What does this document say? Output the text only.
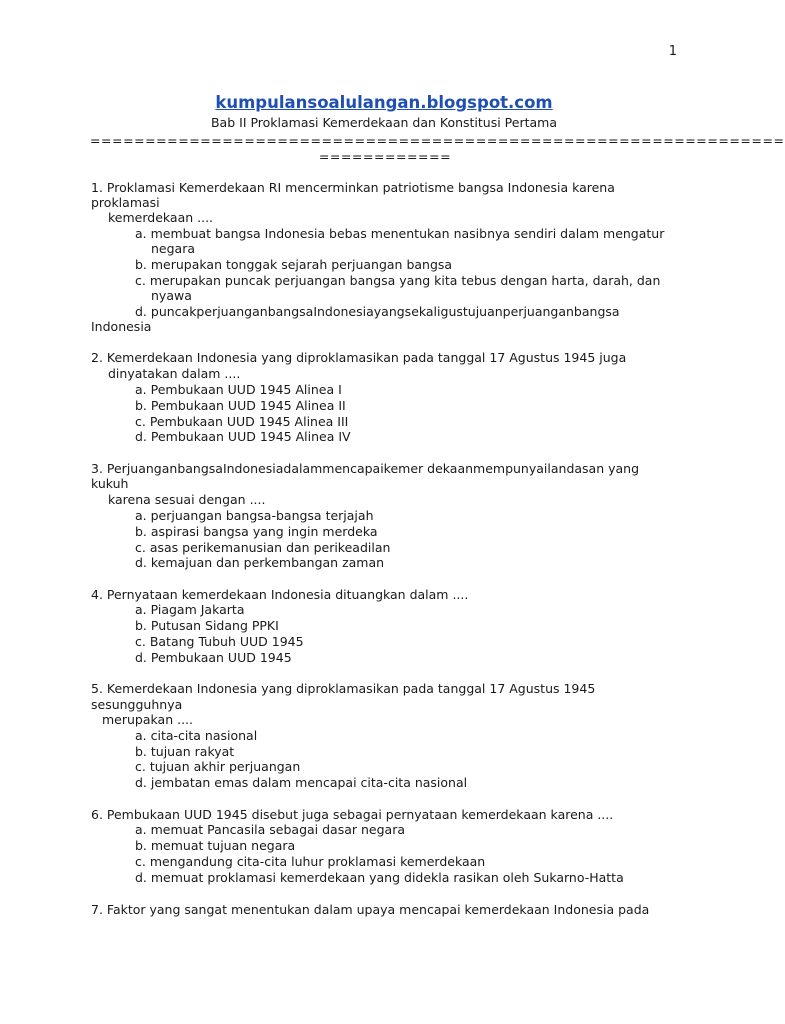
1
kumpulansoalulangan.blogspot.com
Bab II Proklamasi Kemerdekaan dan Konstitusi Pertama
===============================================================
============
1. Proklamasi Kemerdekaan RI mencerminkan patriotisme bangsa Indonesia karena
proklamasi
kemerdekaan ....
a. membuat bangsa Indonesia bebas menentukan nasibnya sendiri dalam mengatur
negara
b. merupakan tonggak sejarah perjuangan bangsa
c. merupakan puncak perjuangan bangsa yang kita tebus dengan harta, darah, dan
nyawa
d. puncakperjuanganbangsaIndonesiayangsekaligustujuanperjuanganbangsa
Indonesia
2. Kemerdekaan Indonesia yang diproklamasikan pada tanggal 17 Agustus 1945 juga
dinyatakan dalam ....
a. Pembukaan UUD 1945 Alinea I
b. Pembukaan UUD 1945 Alinea II
c. Pembukaan UUD 1945 Alinea III
d. Pembukaan UUD 1945 Alinea IV
3. PerjuanganbangsaIndonesiadalammencapaikemer dekaanmempunyailandasan yang
kukuh
karena sesuai dengan ....
a. perjuangan bangsa-bangsa terjajah
b. aspirasi bangsa yang ingin merdeka
c. asas perikemanusian dan perikeadilan
d. kemajuan dan perkembangan zaman
4. Pernyataan kemerdekaan Indonesia dituangkan dalam ....
a. Piagam Jakarta
b. Putusan Sidang PPKI
c. Batang Tubuh UUD 1945
d. Pembukaan UUD 1945
5. Kemerdekaan Indonesia yang diproklamasikan pada tanggal 17 Agustus 1945
sesungguhnya
merupakan ....
a. cita-cita nasional
b. tujuan rakyat
c. tujuan akhir perjuangan
d. jembatan emas dalam mencapai cita-cita nasional
6. Pembukaan UUD 1945 disebut juga sebagai pernyataan kemerdekaan karena ....
a. memuat Pancasila sebagai dasar negara
b. memuat tujuan negara
c. mengandung cita-cita luhur proklamasi kemerdekaan
d. memuat proklamasi kemerdekaan yang didekla rasikan oleh Sukarno-Hatta
7. Faktor yang sangat menentukan dalam upaya mencapai kemerdekaan Indonesia pada
